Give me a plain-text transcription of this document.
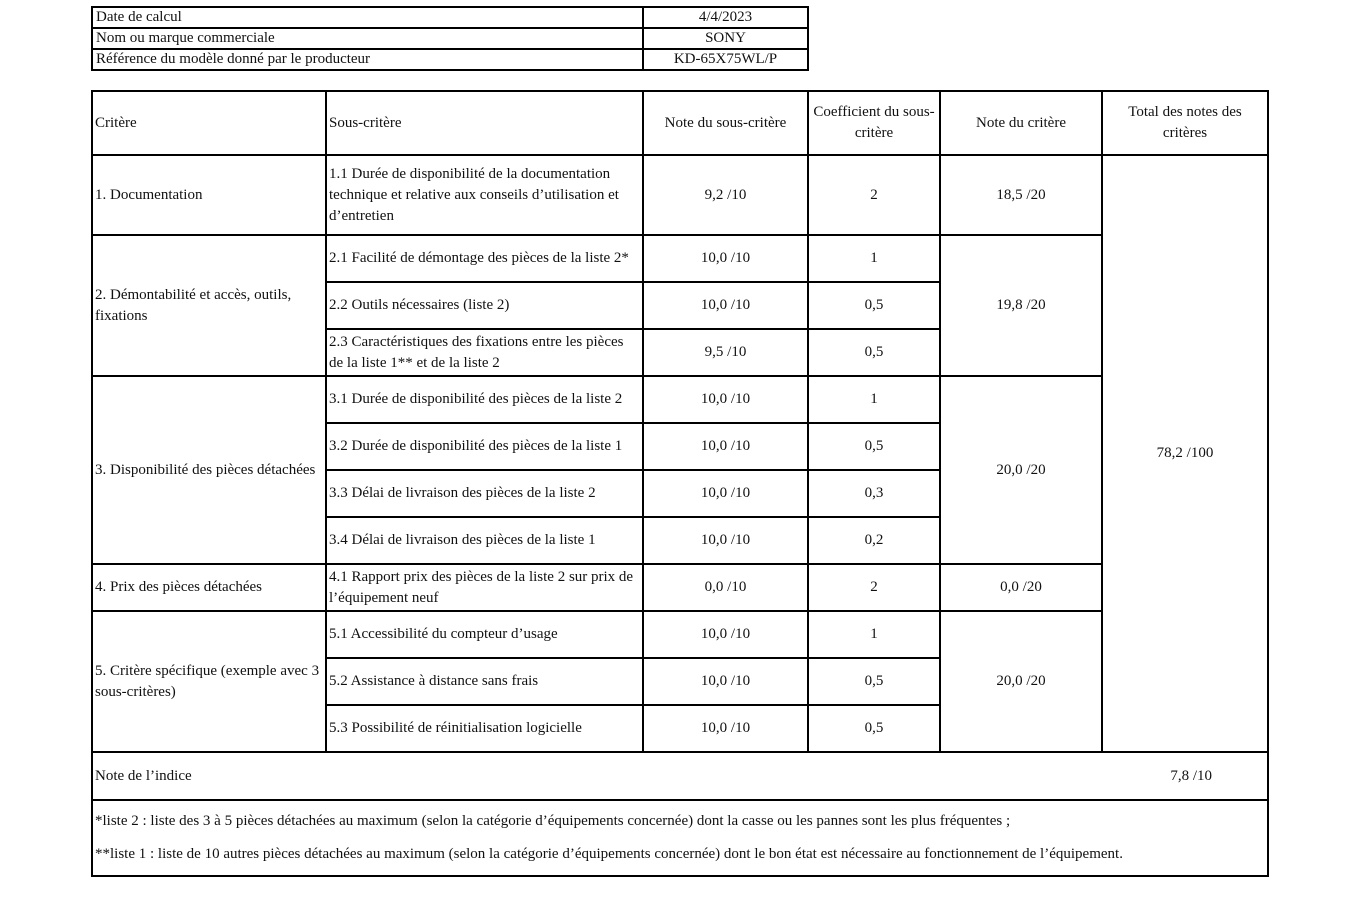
Date de calcul	4/4/2023
Nom ou marque commerciale	SONY
Référence du modèle donné par le producteur	KD-65X75WL/P
Critère	Sous-critère	Note du sous-critère	Coefficient du sous- critère	Note du critère	Total des notes des critères
1. Documentation	1.1 Durée de disponibilité de la documentation technique et relative aux conseils d’utilisation et d’entretien	9,2 /10	2	18,5 /20	78,2 /100
2. Démontabilité et accès, outils, fixations	2.1 Facilité de démontage des pièces de la liste 2*	10,0 /10	1	19,8 /20	
	2.2 Outils nécessaires (liste 2)	10,0 /10	0,5		
	2.3 Caractéristiques des fixations entre les pièces de la liste 1** et de la liste 2	9,5 /10	0,5		
3. Disponibilité des pièces détachées	3.1 Durée de disponibilité des pièces de la liste 2	10,0 /10	1	20,0 /20	
	3.2 Durée de disponibilité des pièces de la liste 1	10,0 /10	0,5		
	3.3 Délai de livraison des pièces de la liste 2	10,0 /10	0,3		
	3.4 Délai de livraison des pièces de la liste 1	10,0 /10	0,2		
4. Prix des pièces détachées	4.1 Rapport prix des pièces de la liste 2 sur prix de l’équipement neuf	0,0 /10	2	0,0 /20	
5. Critère spécifique (exemple avec 3 sous-critères)	5.1 Accessibilité du compteur d’usage	10,0 /10	1	20,0 /20	
	5.2 Assistance à distance sans frais	10,0 /10	0,5		
	5.3 Possibilité de réinitialisation logicielle	10,0 /10	0,5		
Note de l’indice 7,8 /10					

*liste 2 : liste des 3 à 5 pièces détachées au maximum (selon la catégorie d’équipements concernée) dont la casse ou les pannes sont les plus fréquentes ;
**liste 1 : liste de 10 autres pièces détachées au maximum (selon la catégorie d’équipements concernée) dont le bon état est nécessaire au fonctionnement de l’équipement.					
